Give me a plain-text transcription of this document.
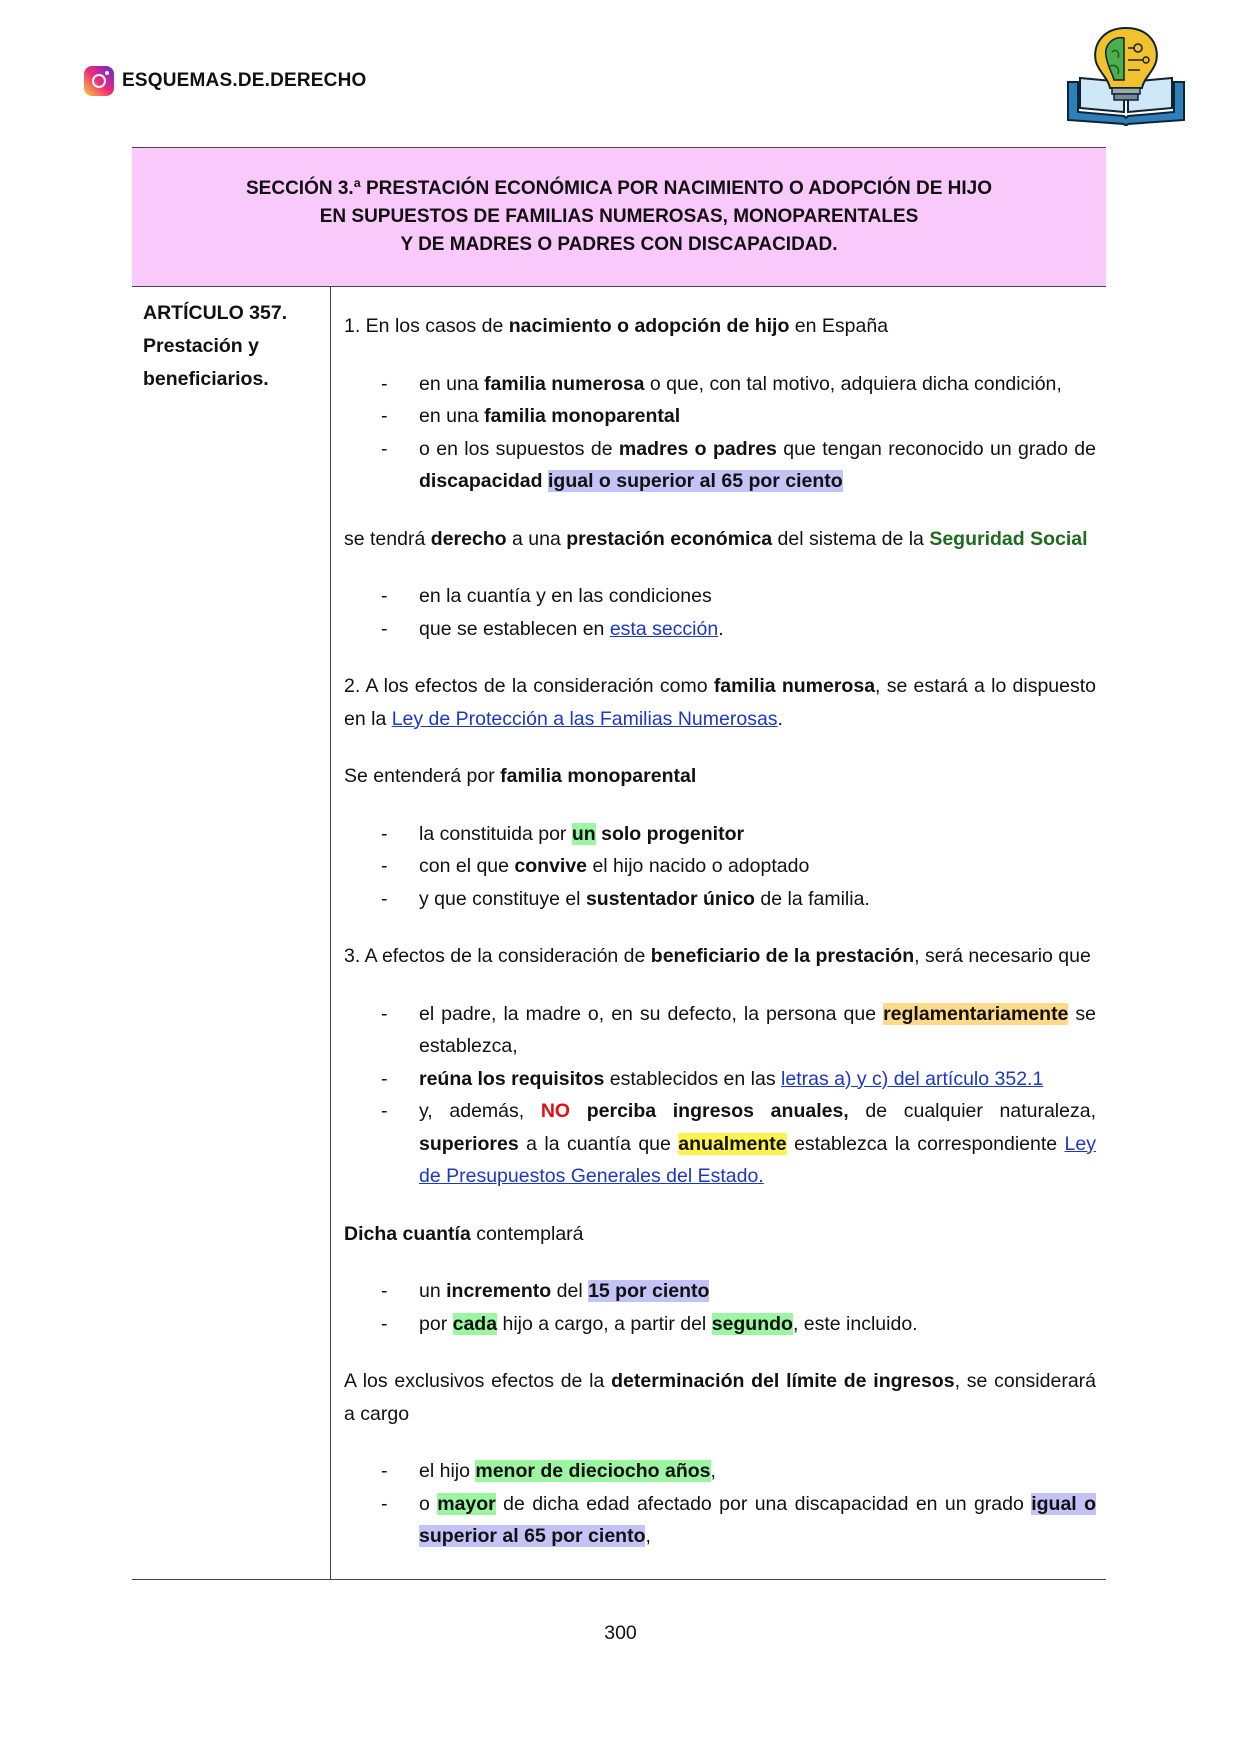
ESQUEMAS.DE.DERECHO
SECCIÓN 3.ª PRESTACIÓN ECONÓMICA POR NACIMIENTO O ADOPCIÓN DE HIJO
EN SUPUESTOS DE FAMILIAS NUMEROSAS, MONOPARENTALES
Y DE MADRES O PADRES CON DISCAPACIDAD.
ARTÍCULO 357.
Prestación y
beneficiarios.

1. En los casos de nacimiento o adopción de hijo en España

- en una familia numerosa o que, con tal motivo, adquiera dicha condición,
- en una familia monoparental
- o en los supuestos de madres o padres que tengan reconocido un grado de discapacidad igual o superior al 65 por ciento

se tendrá derecho a una prestación económica del sistema de la Seguridad Social

- en la cuantía y en las condiciones
- que se establecen en esta sección.

2. A los efectos de la consideración como familia numerosa, se estará a lo dispuesto en la Ley de Protección a las Familias Numerosas.

Se entenderá por familia monoparental

- la constituida por un solo progenitor
- con el que convive el hijo nacido o adoptado
- y que constituye el sustentador único de la familia.

3. A efectos de la consideración de beneficiario de la prestación, será necesario que

- el padre, la madre o, en su defecto, la persona que reglamentariamente se establezca,
- reúna los requisitos establecidos en las letras a) y c) del artículo 352.1
- y, además, NO perciba ingresos anuales, de cualquier naturaleza, superiores a la cuantía que anualmente establezca la correspondiente Ley de Presupuestos Generales del Estado.

Dicha cuantía contemplará

- un incremento del 15 por ciento
- por cada hijo a cargo, a partir del segundo, este incluido.

A los exclusivos efectos de la determinación del límite de ingresos, se considerará a cargo

- el hijo menor de dieciocho años,
- o mayor de dicha edad afectado por una discapacidad en un grado igual o superior al 65 por ciento,
300
